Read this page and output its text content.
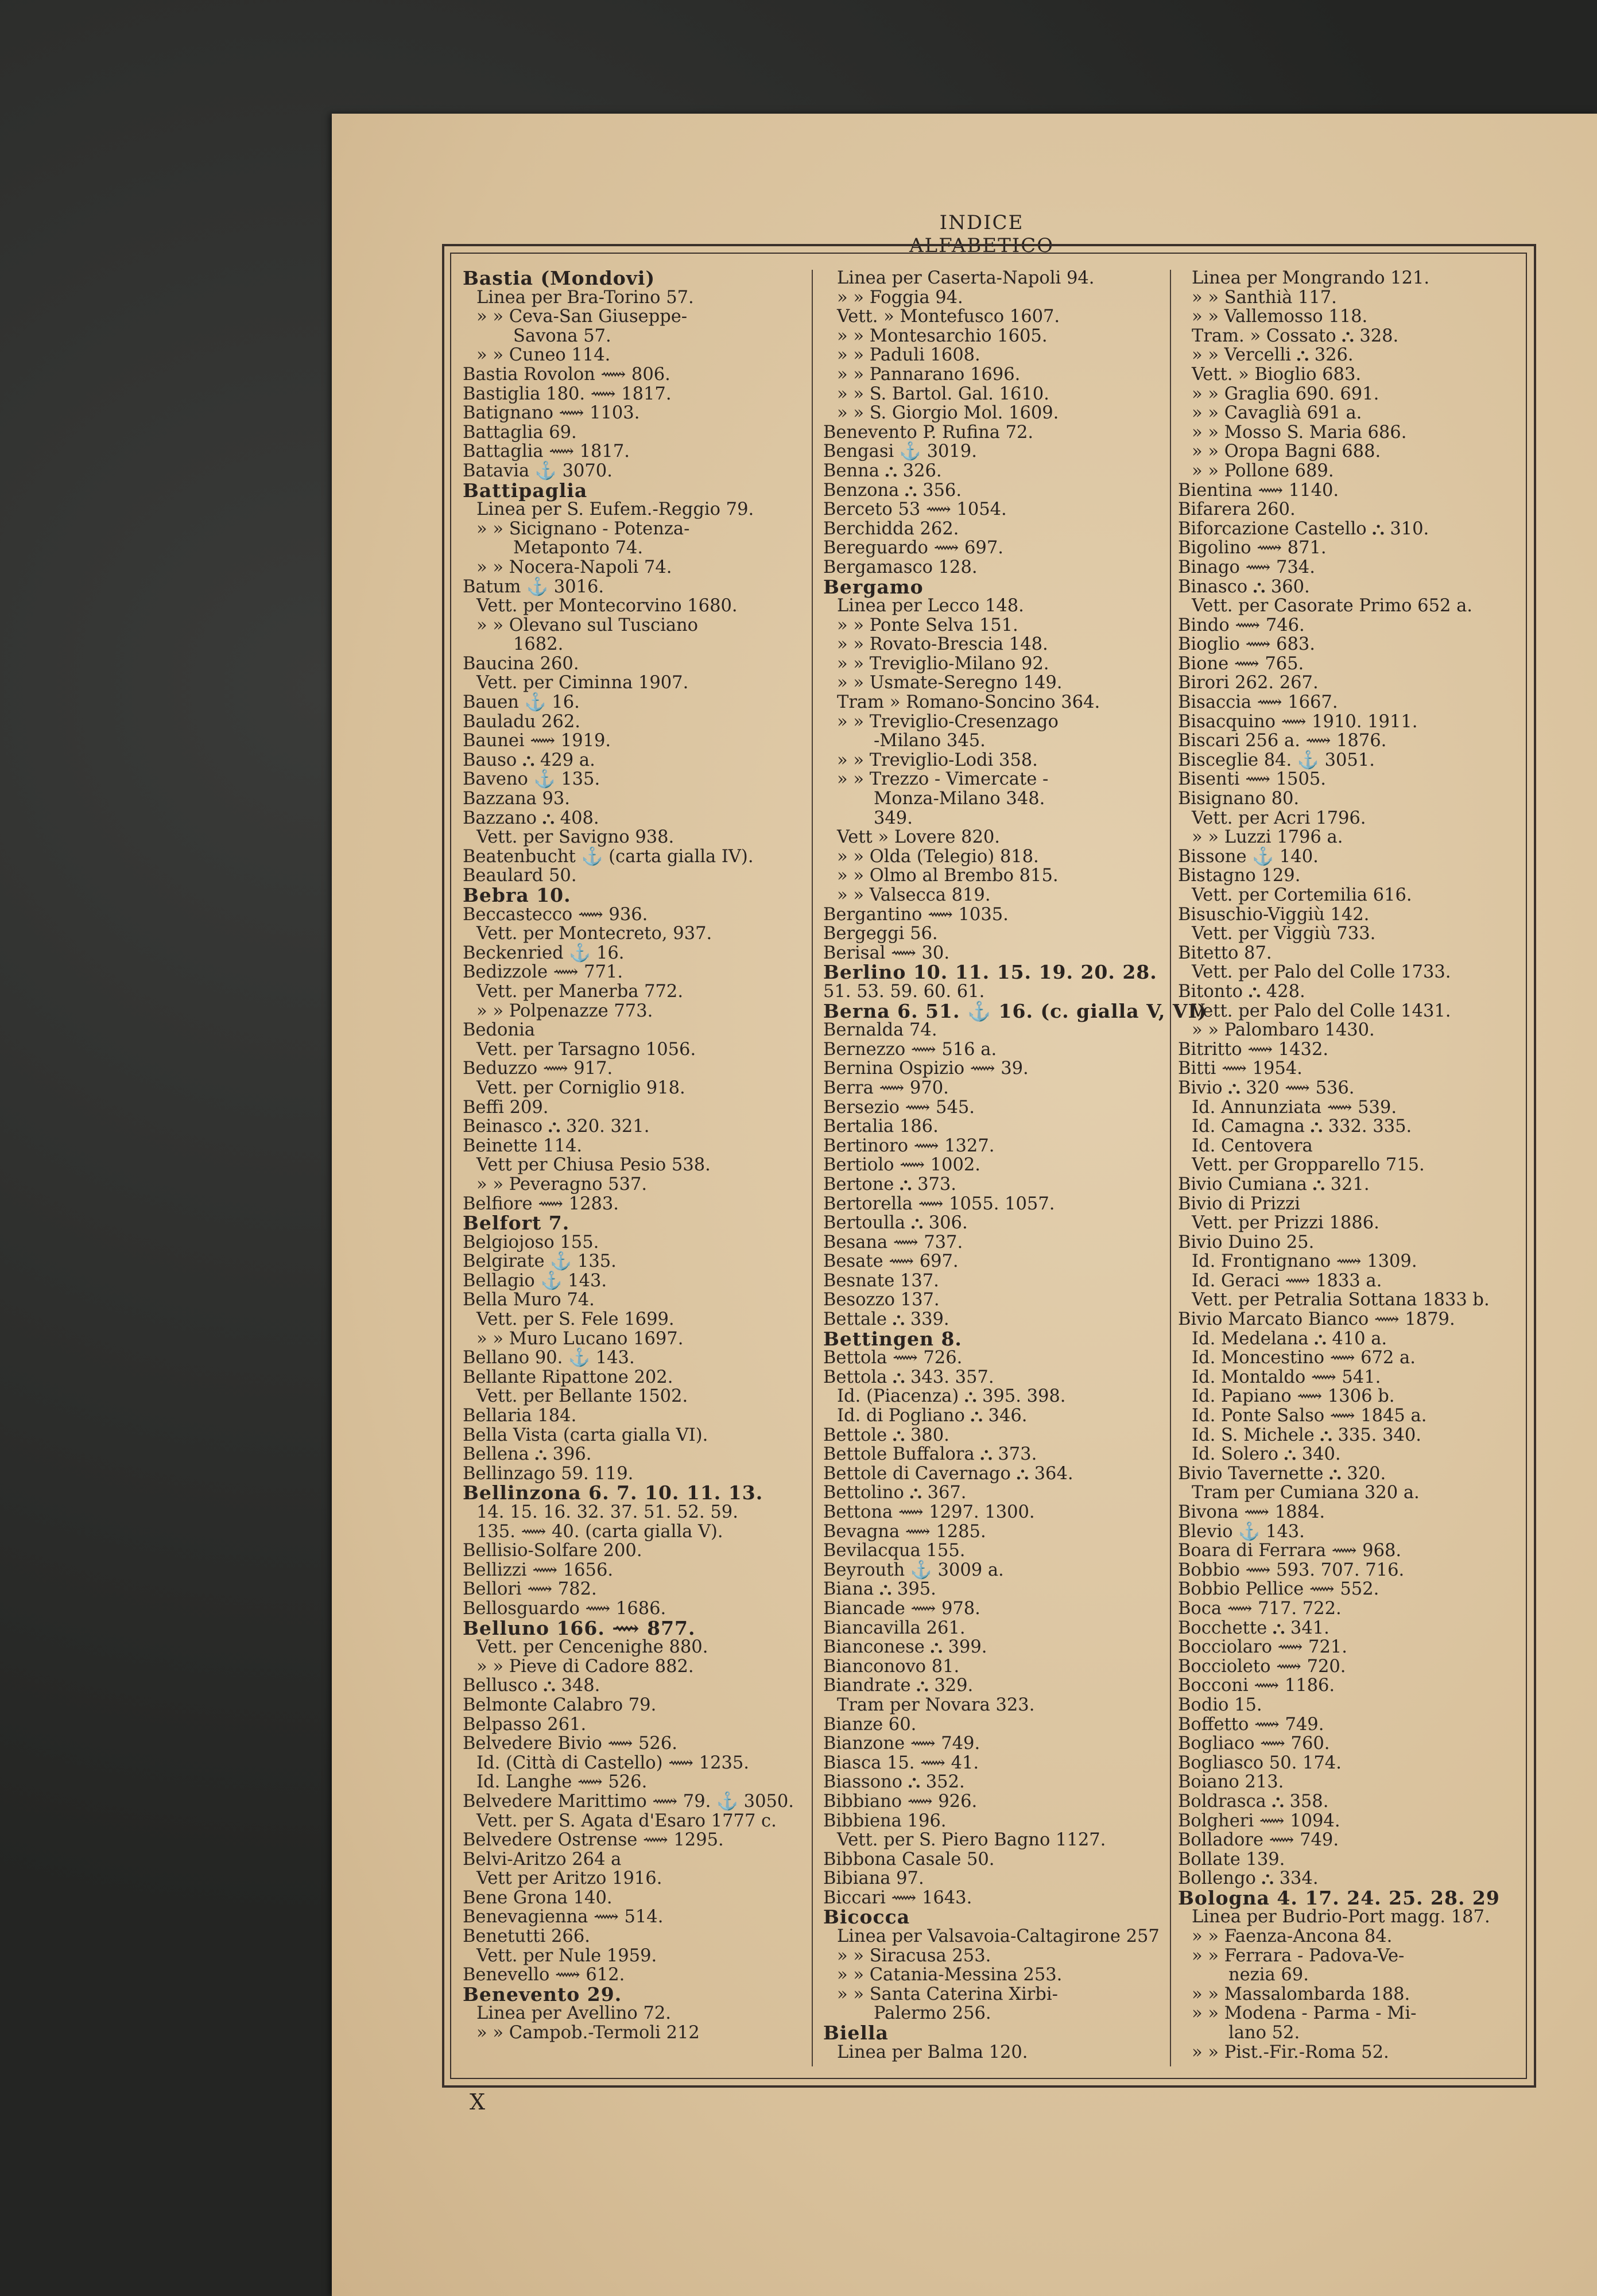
INDICE ALFABETICO
Bastia (Mondovi)
Linea per Bra-Torino 57.
» » Ceva-San Giuseppe-
Savona 57.
» » Cuneo 114.
Bastia Rovolon ⟿ 806.
Bastiglia 180. ⟿ 1817.
Batignano ⟿ 1103.
Battaglia 69.
Battaglia ⟿ 1817.
Batavia ⚓ 3070.
Battipaglia
Linea per S. Eufem.-Reggio 79.
» » Sicignano - Potenza-
Metaponto 74.
» » Nocera-Napoli 74.
Batum ⚓ 3016.
Vett. per Montecorvino 1680.
» » Olevano sul Tusciano
1682.
Baucina 260.
Vett. per Ciminna 1907.
Bauen ⚓ 16.
Bauladu 262.
Baunei ⟿ 1919.
Bauso ⛬ 429 a.
Baveno ⚓ 135.
Bazzana 93.
Bazzano ⛬ 408.
Vett. per Savigno 938.
Beatenbucht ⚓ (carta gialla IV).
Beaulard 50.
Bebra 10.
Beccastecco ⟿ 936.
Vett. per Montecreto, 937.
Beckenried ⚓ 16.
Bedizzole ⟿ 771.
Vett. per Manerba 772.
» » Polpenazze 773.
Bedonia
Vett. per Tarsagno 1056.
Beduzzo ⟿ 917.
Vett. per Corniglio 918.
Beffi 209.
Beinasco ⛬ 320. 321.
Beinette 114.
Vett per Chiusa Pesio 538.
» » Peveragno 537.
Belfiore ⟿ 1283.
Belfort 7.
Belgiojoso 155.
Belgirate ⚓ 135.
Bellagio ⚓ 143.
Bella Muro 74.
Vett. per S. Fele 1699.
» » Muro Lucano 1697.
Bellano 90. ⚓ 143.
Bellante Ripattone 202.
Vett. per Bellante 1502.
Bellaria 184.
Bella Vista (carta gialla VI).
Bellena ⛬ 396.
Bellinzago 59. 119.
Bellinzona 6. 7. 10. 11. 13.
14. 15. 16. 32. 37. 51. 52. 59.
135. ⟿ 40. (carta gialla V).
Bellisio-Solfare 200.
Bellizzi ⟿ 1656.
Bellori ⟿ 782.
Bellosguardo ⟿ 1686.
Belluno 166. ⟿ 877.
Vett. per Cencenighe 880.
» » Pieve di Cadore 882.
Bellusco ⛬ 348.
Belmonte Calabro 79.
Belpasso 261.
Belvedere Bivio ⟿ 526.
Id. (Città di Castello) ⟿ 1235.
Id. Langhe ⟿ 526.
Belvedere Marittimo ⟿ 79. ⚓ 3050.
Vett. per S. Agata d'Esaro 1777 c.
Belvedere Ostrense ⟿ 1295.
Belvi-Aritzo 264 a
Vett per Aritzo 1916.
Bene Grona 140.
Benevagienna ⟿ 514.
Benetutti 266.
Vett. per Nule 1959.
Benevello ⟿ 612.
Benevento 29.
Linea per Avellino 72.
» » Campob.-Termoli 212
Linea per Caserta-Napoli 94.
» » Foggia 94.
Vett. » Montefusco 1607.
» » Montesarchio 1605.
» » Paduli 1608.
» » Pannarano 1696.
» » S. Bartol. Gal. 1610.
» » S. Giorgio Mol. 1609.
Benevento P. Rufina 72.
Bengasi ⚓ 3019.
Benna ⛬ 326.
Benzona ⛬ 356.
Berceto 53 ⟿ 1054.
Berchidda 262.
Bereguardo ⟿ 697.
Bergamasco 128.
Bergamo
Linea per Lecco 148.
» » Ponte Selva 151.
» » Rovato-Brescia 148.
» » Treviglio-Milano 92.
» » Usmate-Seregno 149.
Tram » Romano-Soncino 364.
» » Treviglio-Cresenzago
-Milano 345.
» » Treviglio-Lodi 358.
» » Trezzo - Vimercate -
Monza-Milano 348.
349.
Vett » Lovere 820.
» » Olda (Telegio) 818.
» » Olmo al Brembo 815.
» » Valsecca 819.
Bergantino ⟿ 1035.
Bergeggi 56.
Berisal ⟿ 30.
Berlino 10. 11. 15. 19. 20. 28.
51. 53. 59. 60. 61.
Berna 6. 51. ⚓ 16. (c. gialla V, VI)
Bernalda 74.
Bernezzo ⟿ 516 a.
Bernina Ospizio ⟿ 39.
Berra ⟿ 970.
Bersezio ⟿ 545.
Bertalia 186.
Bertinoro ⟿ 1327.
Bertiolo ⟿ 1002.
Bertone ⛬ 373.
Bertorella ⟿ 1055. 1057.
Bertoulla ⛬ 306.
Besana ⟿ 737.
Besate ⟿ 697.
Besnate 137.
Besozzo 137.
Bettale ⛬ 339.
Bettingen 8.
Bettola ⟿ 726.
Bettola ⛬ 343. 357.
Id. (Piacenza) ⛬ 395. 398.
Id. di Pogliano ⛬ 346.
Bettole ⛬ 380.
Bettole Buffalora ⛬ 373.
Bettole di Cavernago ⛬ 364.
Bettolino ⛬ 367.
Bettona ⟿ 1297. 1300.
Bevagna ⟿ 1285.
Bevilacqua 155.
Beyrouth ⚓ 3009 a.
Biana ⛬ 395.
Biancade ⟿ 978.
Biancavilla 261.
Bianconese ⛬ 399.
Bianconovo 81.
Biandrate ⛬ 329.
Tram per Novara 323.
Bianze 60.
Bianzone ⟿ 749.
Biasca 15. ⟿ 41.
Biassono ⛬ 352.
Bibbiano ⟿ 926.
Bibbiena 196.
Vett. per S. Piero Bagno 1127.
Bibbona Casale 50.
Bibiana 97.
Biccari ⟿ 1643.
Bicocca
Linea per Valsavoia-Caltagirone 257
» » Siracusa 253.
» » Catania-Messina 253.
» » Santa Caterina Xirbi-
Palermo 256.
Biella
Linea per Balma 120.
Linea per Mongrando 121.
» » Santhià 117.
» » Vallemosso 118.
Tram. » Cossato ⛬ 328.
» » Vercelli ⛬ 326.
Vett. » Bioglio 683.
» » Graglia 690. 691.
» » Cavaglià 691 a.
» » Mosso S. Maria 686.
» » Oropa Bagni 688.
» » Pollone 689.
Bientina ⟿ 1140.
Bifarera 260.
Biforcazione Castello ⛬ 310.
Bigolino ⟿ 871.
Binago ⟿ 734.
Binasco ⛬ 360.
Vett. per Casorate Primo 652 a.
Bindo ⟿ 746.
Bioglio ⟿ 683.
Bione ⟿ 765.
Birori 262. 267.
Bisaccia ⟿ 1667.
Bisacquino ⟿ 1910. 1911.
Biscari 256 a. ⟿ 1876.
Bisceglie 84. ⚓ 3051.
Bisenti ⟿ 1505.
Bisignano 80.
Vett. per Acri 1796.
» » Luzzi 1796 a.
Bissone ⚓ 140.
Bistagno 129.
Vett. per Cortemilia 616.
Bisuschio-Viggiù 142.
Vett. per Viggiù 733.
Bitetto 87.
Vett. per Palo del Colle 1733.
Bitonto ⛬ 428.
Vett. per Palo del Colle 1431.
» » Palombaro 1430.
Bitritto ⟿ 1432.
Bitti ⟿ 1954.
Bivio ⛬ 320 ⟿ 536.
Id. Annunziata ⟿ 539.
Id. Camagna ⛬ 332. 335.
Id. Centovera
Vett. per Gropparello 715.
Bivio Cumiana ⛬ 321.
Bivio di Prizzi
Vett. per Prizzi 1886.
Bivio Duino 25.
Id. Frontignano ⟿ 1309.
Id. Geraci ⟿ 1833 a.
Vett. per Petralia Sottana 1833 b.
Bivio Marcato Bianco ⟿ 1879.
Id. Medelana ⛬ 410 a.
Id. Moncestino ⟿ 672 a.
Id. Montaldo ⟿ 541.
Id. Papiano ⟿ 1306 b.
Id. Ponte Salso ⟿ 1845 a.
Id. S. Michele ⛬ 335. 340.
Id. Solero ⛬ 340.
Bivio Tavernette ⛬ 320.
Tram per Cumiana 320 a.
Bivona ⟿ 1884.
Blevio ⚓ 143.
Boara di Ferrara ⟿ 968.
Bobbio ⟿ 593. 707. 716.
Bobbio Pellice ⟿ 552.
Boca ⟿ 717. 722.
Bocchette ⛬ 341.
Bocciolaro ⟿ 721.
Boccioleto ⟿ 720.
Bocconi ⟿ 1186.
Bodio 15.
Boffetto ⟿ 749.
Bogliaco ⟿ 760.
Bogliasco 50. 174.
Boiano 213.
Boldrasca ⛬ 358.
Bolgheri ⟿ 1094.
Bolladore ⟿ 749.
Bollate 139.
Bollengo ⛬ 334.
Bologna 4. 17. 24. 25. 28. 29
Linea per Budrio-Port magg. 187.
» » Faenza-Ancona 84.
» » Ferrara - Padova-Ve-
nezia 69.
» » Massalombarda 188.
» » Modena - Parma - Mi-
lano 52.
» » Pist.-Fir.-Roma 52.
X
